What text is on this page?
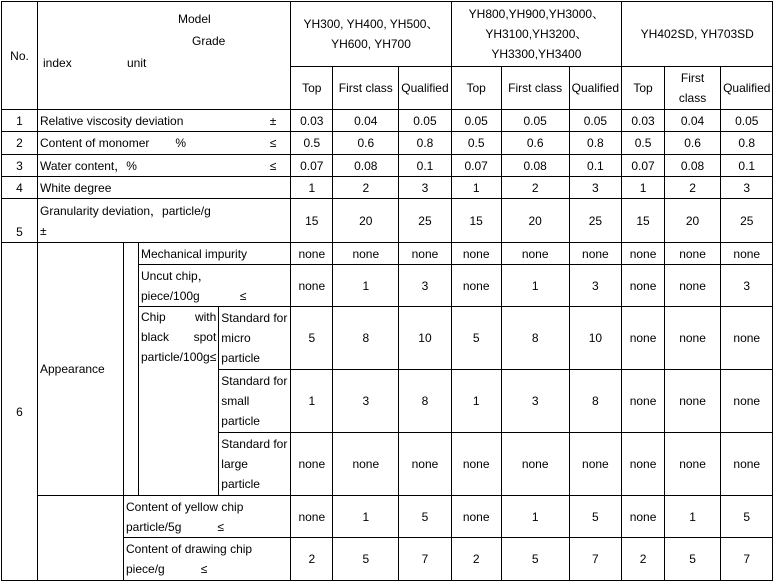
No.	Model
Grade
index unit				YH300, YH400, YH500、YH600, YH700			YH800,YH900,YH3000、YH3100,YH3200、YH3300,YH3400			YH402SD, YH703SD		
					Top	First class	Qualified	Top	First class	Qualified	Top	First class	Qualified
1	Relative viscosity deviation ±				0.03	0.04	0.05	0.05	0.05	0.05	0.03	0.04	0.05
2	Content of monomer % ≤				0.5	0.6	0.8	0.5	0.6	0.8	0.5	0.6	0.8
3	Water content，% ≤				0.07	0.08	0.1	0.07	0.08	0.1	0.07	0.08	0.1
4	White degree				1	2	3	1	2	3	1	2	3
5	Granularity deviation，particle/g
±				15	20	25	15	20	25	15	20	25
6	Appearance		Mechanical impurity		none	none	none	none	none	none	none	none	none
			Uncut chip，piece/100g ≤		none	1	3	none	1	3	none	none	3
			Chip with black spot particle/100g≤	Standard for micro particle	5	8	10	5	8	10	none	none	none
				Standard for small particle	1	3	8	1	3	8	none	none	none
				Standard for large particle	none	none	none	none	none	none	none	none	none

		Content of yellow chip particle/5g ≤			none	1	5	none	1	5	none	1	5
		Content of drawing chip piece/g ≤			2	5	7	2	5	7	2	5	7
